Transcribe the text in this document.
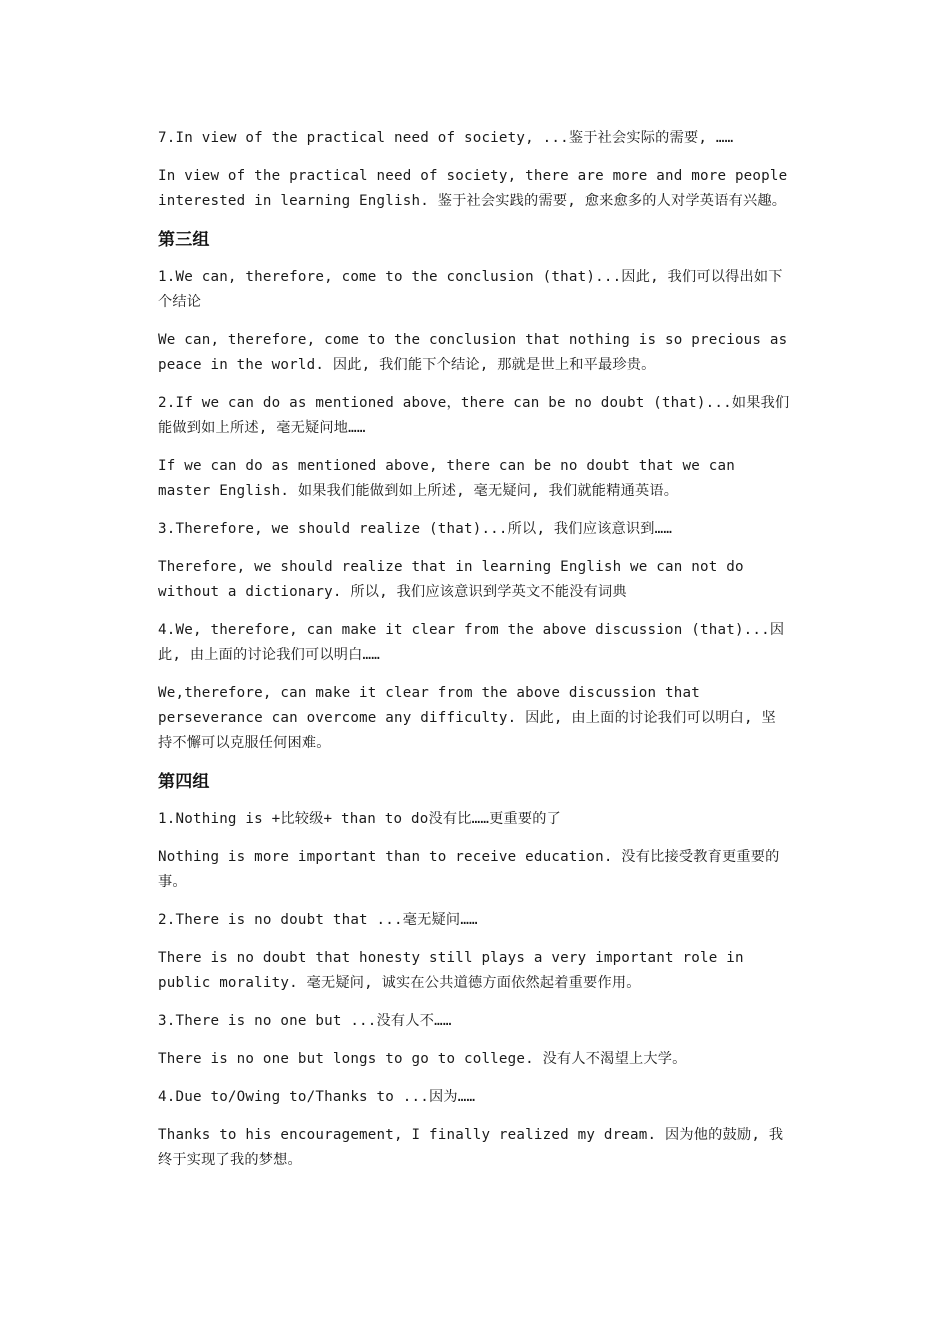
7.In view of the practical need of society, ...鉴于社会实际的需要, ……

In view of the practical need of society, there are more and more people interested in learning English. 鉴于社会实践的需要, 愈来愈多的人对学英语有兴趣。

第三组

1.We can, therefore, come to the conclusion (that)...因此, 我们可以得出如下个结论

We can, therefore, come to the conclusion that nothing is so precious as peace in the world. 因此, 我们能下个结论, 那就是世上和平最珍贵。

2.If we can do as mentioned above，there can be no doubt (that)...如果我们能做到如上所述, 毫无疑问地……

If we can do as mentioned above, there can be no doubt that we can master English. 如果我们能做到如上所述, 毫无疑问, 我们就能精通英语。

3.Therefore, we should realize (that)...所以, 我们应该意识到……

Therefore, we should realize that in learning English we can not do without a dictionary. 所以, 我们应该意识到学英文不能没有词典

4.We, therefore, can make it clear from the above discussion (that)...因此, 由上面的讨论我们可以明白……

We,therefore, can make it clear from the above discussion that perseverance can overcome any difficulty. 因此, 由上面的讨论我们可以明白, 坚持不懈可以克服任何困难。

第四组

1.Nothing is +比较级+ than to do没有比……更重要的了

Nothing is more important than to receive education. 没有比接受教育更重要的事。

2.There is no doubt that ...毫无疑问……

There is no doubt that honesty still plays a very important role in public morality. 毫无疑问, 诚实在公共道德方面依然起着重要作用。

3.There is no one but ...没有人不……

There is no one but longs to go to college. 没有人不渴望上大学。

4.Due to/Owing to/Thanks to ...因为……

Thanks to his encouragement, I finally realized my dream. 因为他的鼓励, 我终于实现了我的梦想。
